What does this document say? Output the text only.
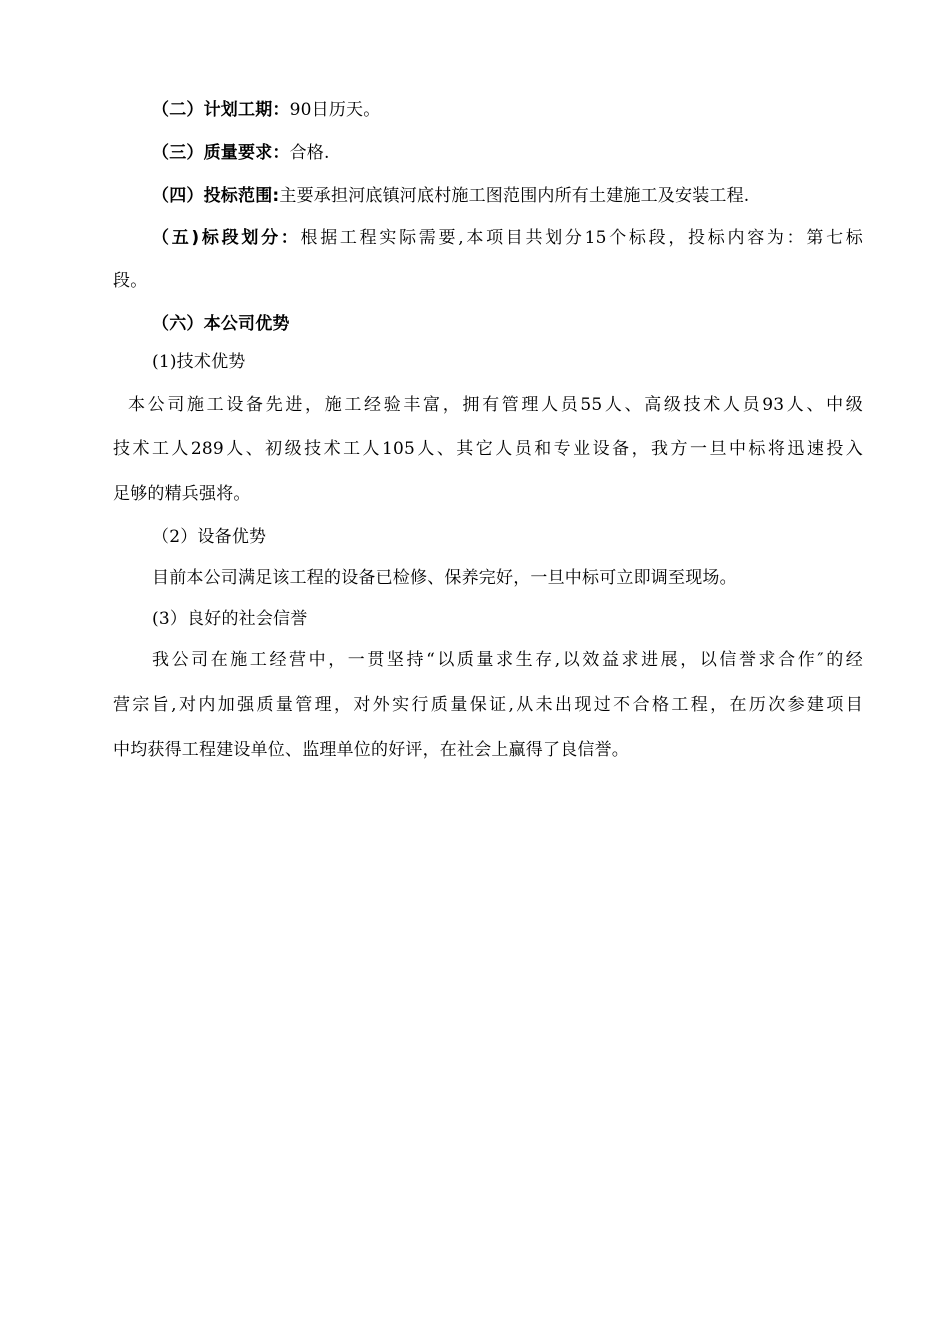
（二）计划工期：90日历天。
（三）质量要求：合格.
（四）投标范围:主要承担河底镇河底村施工图范围内所有土建施工及安装工程.
（五)标段划分：根据工程实际需要,本项目共划分15个标段，投标内容为：第七标
段。
（六）本公司优势
(1)技术优势
本公司施工设备先进，施工经验丰富，拥有管理人员55人、高级技术人员93人、中级
技术工人289人、初级技术工人105人、其它人员和专业设备，我方一旦中标将迅速投入
足够的精兵强将。
（2）设备优势
目前本公司满足该工程的设备已检修、保养完好，一旦中标可立即调至现场。
(3）良好的社会信誉
我公司在施工经营中，一贯坚持“以质量求生存,以效益求进展，以信誉求合作″的经
营宗旨,对内加强质量管理，对外实行质量保证,从未出现过不合格工程，在历次参建项目
中均获得工程建设单位、监理单位的好评，在社会上赢得了良信誉。
